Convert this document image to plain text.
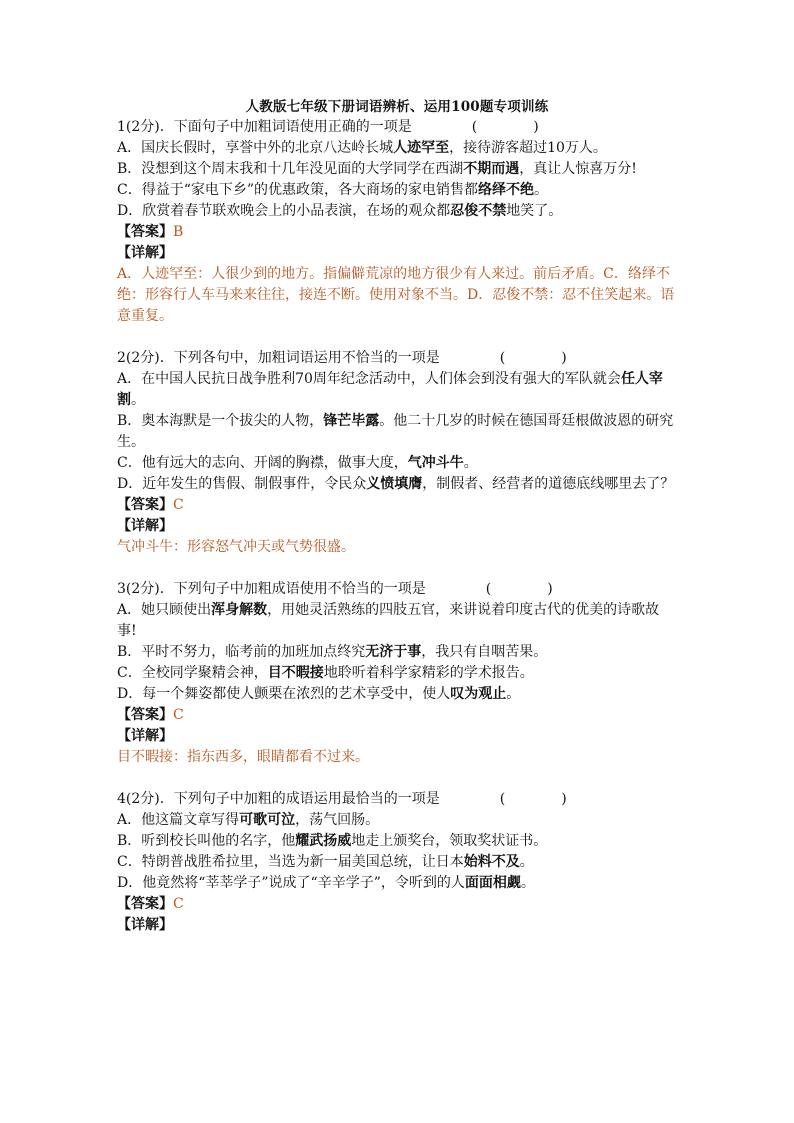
人教版七年级下册词语辨析、运用100题专项训练

1(2分)．下面句子中加粗词语使用正确的一项是	(　　　　)

A．国庆长假时，享誉中外的北京八达岭长城人迹罕至，接待游客超过10万人。

B．没想到这个周末我和十几年没见面的大学同学在西湖不期而遇，真让人惊喜万分!

C．得益于“家电下乡”的优惠政策，各大商场的家电销售都络绎不绝。

D．欣赏着春节联欢晚会上的小品表演，在场的观众都忍俊不禁地笑了。

【答案】B

【详解】

A．人迹罕至：人很少到的地方。指偏僻荒凉的地方很少有人来过。前后矛盾。C．络绎不绝：形容行人车马来来往往，接连不断。使用对象不当。D．忍俊不禁：忍不住笑起来。语意重复。

2(2分)．下列各句中，加粗词语运用不恰当的一项是	(　　　　)

A．在中国人民抗日战争胜利70周年纪念活动中，人们体会到没有强大的军队就会任人宰割。

B．奥本海默是一个拔尖的人物，锋芒毕露。他二十几岁的时候在德国哥廷根做波恩的研究生。

C．他有远大的志向、开阔的胸襟，做事大度，气冲斗牛。

D．近年发生的售假、制假事件，令民众义愤填膺，制假者、经营者的道德底线哪里去了？

【答案】C

【详解】

气冲斗牛：形容怒气冲天或气势很盛。

3(2分)．下列句子中加粗成语使用不恰当的一项是	(　　　　)

A．她只顾使出浑身解数，用她灵活熟练的四肢五官，来讲说着印度古代的优美的诗歌故事!

B．平时不努力，临考前的加班加点终究无济于事，我只有自咽苦果。

C．全校同学聚精会神，目不暇接地聆听着科学家精彩的学术报告。

D．每一个舞姿都使人颤栗在浓烈的艺术享受中，使人叹为观止。

【答案】C

【详解】

目不暇接：指东西多，眼睛都看不过来。

4(2分)．下列句子中加粗的成语运用最恰当的一项是	(　　　　)

A．他这篇文章写得可歌可泣，荡气回肠。

B．听到校长叫他的名字，他耀武扬威地走上颁奖台，领取奖状证书。

C．特朗普战胜希拉里，当选为新一届美国总统，让日本始料不及。

D．他竟然将“莘莘学子”说成了“辛辛学子”，令听到的人面面相觑。

【答案】C

【详解】
